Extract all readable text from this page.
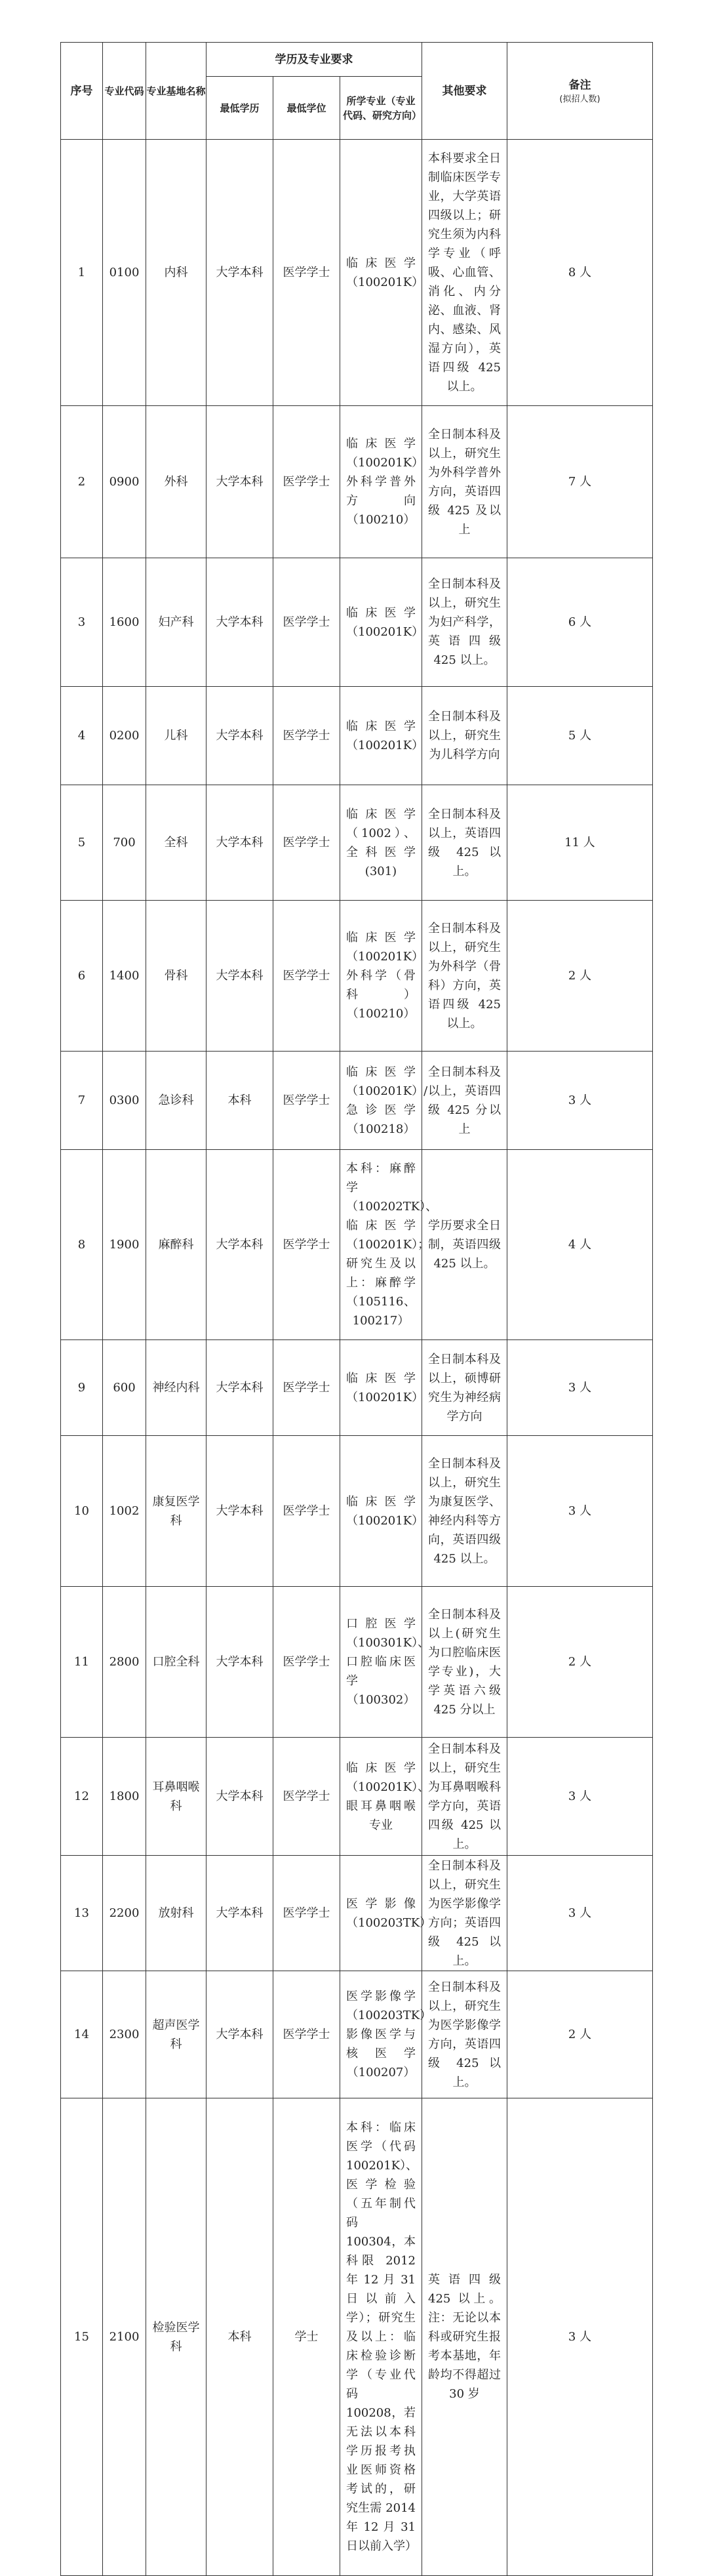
序号	专业代码	专业基地名称	学历及专业要求			其他要求	备注
(拟招人数)

			最低学历	最低学位	所学专业（专业代码、研究方向）		
1	0100	内科	大学本科	医学学士	临床医学（100201K）	本科要求全日制临床医学专业，大学英语四级以上；研究生须为内科学专业（呼吸、心血管、消化、内分泌、血液、肾内、感染、风湿方向），英语四级 425 以上。	8 人
2	0900	外科	大学本科	医学学士	临床医学（100201K）外科学普外方向（100210）	全日制本科及以上，研究生为外科学普外方向，英语四级 425 及以上	7 人
3	1600	妇产科	大学本科	医学学士	临床医学（100201K）	全日制本科及以上，研究生为妇产科学，英语四级 425 以上。	6 人
4	0200	儿科	大学本科	医学学士	临床医学（100201K）	全日制本科及以上，研究生为儿科学方向	5 人
5	700	全科	大学本科	医学学士	临床医学（1002）、全科医学(301)	全日制本科及以上，英语四级 425 以上。	11 人
6	1400	骨科	大学本科	医学学士	临床医学（100201K）外科学（骨科）（100210）	全日制本科及以上，研究生为外科学（骨科）方向，英语四级 425 以上。	2 人
7	0300	急诊科	本科	医学学士	临床医学（100201K）/急诊医学（100218）	全日制本科及以上，英语四级 425 分以上	3 人
8	1900	麻醉科	大学本科	医学学士	本科：麻醉学（100202TK）、临床医学（100201K）；研究生及以上：麻醉学（105116、100217）	学历要求全日制，英语四级 425 以上。	4 人
9	600	神经内科	大学本科	医学学士	临床医学（100201K）	全日制本科及以上，硕博研究生为神经病学方向	3 人
10	1002	康复医学科	大学本科	医学学士	临床医学（100201K）	全日制本科及以上，研究生为康复医学、神经内科等方向，英语四级 425 以上。	3 人
11	2800	口腔全科	大学本科	医学学士	口腔医学（100301K）、口腔临床医学（100302）	全日制本科及以上(研究生为口腔临床医学专业)，大学英语六级 425 分以上	2 人
12	1800	耳鼻咽喉科	大学本科	医学学士	临床医学（100201K）、眼耳鼻咽喉专业	全日制本科及以上，研究生为耳鼻咽喉科学方向，英语四级 425 以上。	3 人
13	2200	放射科	大学本科	医学学士	医学影像（100203TK）	全日制本科及以上，研究生为医学影像学方向；英语四级 425 以上。	3 人
14	2300	超声医学科	大学本科	医学学士	医学影像学（100203TK）影像医学与核医学（100207）	全日制本科及以上，研究生为医学影像学方向，英语四级 425 以上。	2 人
15	2100	检验医学科	本科	学士	本科：临床医学（代码 100201K）、医学检验（五年制代码 100304，本科限 2012 年 12 月 31 日以前入学）；研究生及以上：临床检验诊断学（专业代码 100208，若无法以本科学历报考执业医师资格考试的，研究生需 2014 年 12 月 31 日以前入学）	英语四级 425 以上。注：无论以本科或研究生报考本基地，年龄均不得超过 30 岁	3 人
